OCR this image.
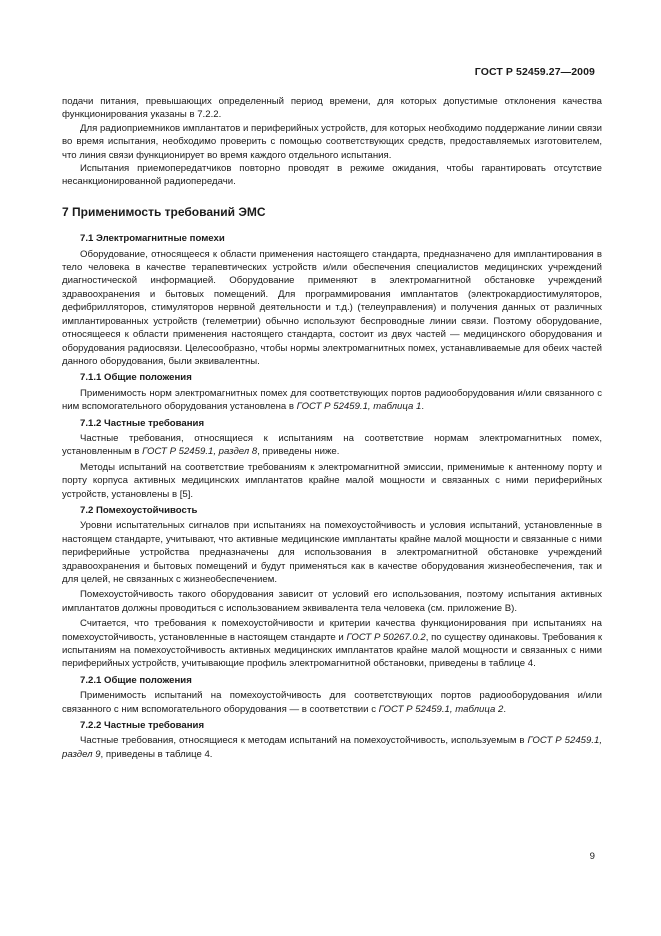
ГОСТ Р 52459.27—2009

подачи питания, превышающих определенный период времени, для которых допустимые отклонения качества функционирования указаны в 7.2.2.

Для радиоприемников имплантатов и периферийных устройств, для которых необходимо поддержание линии связи во время испытания, необходимо проверить с помощью соответствующих средств, предоставляемых изготовителем, что линия связи функционирует во время каждого отдельного испытания.

Испытания приемопередатчиков повторно проводят в режиме ожидания, чтобы гарантировать отсутствие несанкционированной радиопередачи.

7 Применимость требований ЭМС
7.1 Электромагнитные помехи

Оборудование, относящееся к области применения настоящего стандарта, предназначено для имплантирования в тело человека в качестве терапевтических устройств и/или обеспечения специалистов медицинских учреждений диагностической информацией. Оборудование применяют в электромагнитной обстановке учреждений здравоохранения и бытовых помещений. Для программирования имплантатов (электрокардиостимуляторов, дефибрилляторов, стимуляторов нервной деятельности и т.д.) (телеуправления) и получения данных от различных имплантированных устройств (телеметрии) обычно используют беспроводные линии связи. Поэтому оборудование, относящееся к области применения настоящего стандарта, состоит из двух частей — медицинского оборудования и оборудования радиосвязи. Целесообразно, чтобы нормы электромагнитных помех, устанавливаемые для обеих частей данного оборудования, были эквивалентны.

7.1.1 Общие положения

Применимость норм электромагнитных помех для соответствующих портов радиооборудования и/или связанного с ним вспомогательного оборудования установлена в ГОСТ Р 52459.1, таблица 1.

7.1.2 Частные требования

Частные требования, относящиеся к испытаниям на соответствие нормам электромагнитных помех, установленным в ГОСТ Р 52459.1, раздел 8, приведены ниже.

Методы испытаний на соответствие требованиям к электромагнитной эмиссии, применимые к антенному порту и порту корпуса активных медицинских имплантатов крайне малой мощности и связанных с ними периферийных устройств, установлены в [5].

7.2 Помехоустойчивость

Уровни испытательных сигналов при испытаниях на помехоустойчивость и условия испытаний, установленные в настоящем стандарте, учитывают, что активные медицинские имплантаты крайне малой мощности и связанные с ними периферийные устройства предназначены для использования в электромагнитной обстановке учреждений здравоохранения и бытовых помещений и будут применяться как в качестве оборудования жизнеобеспечения, так и для целей, не связанных с жизнеобеспечением.

Помехоустойчивость такого оборудования зависит от условий его использования, поэтому испытания активных имплантатов должны проводиться с использованием эквивалента тела человека (см. приложение В).

Считается, что требования к помехоустойчивости и критерии качества функционирования при испытаниях на помехоустойчивость, установленные в настоящем стандарте и ГОСТ Р 50267.0.2, по существу одинаковы. Требования к испытаниям на помехоустойчивость активных медицинских имплантатов крайне малой мощности и связанных с ними периферийных устройств, учитывающие профиль электромагнитной обстановки, приведены в таблице 4.

7.2.1 Общие положения

Применимость испытаний на помехоустойчивость для соответствующих портов радиооборудования и/или связанного с ним вспомогательного оборудования — в соответствии с ГОСТ Р 52459.1, таблица 2.

7.2.2 Частные требования

Частные требования, относящиеся к методам испытаний на помехоустойчивость, используемым в ГОСТ Р 52459.1, раздел 9, приведены в таблице 4.

9
